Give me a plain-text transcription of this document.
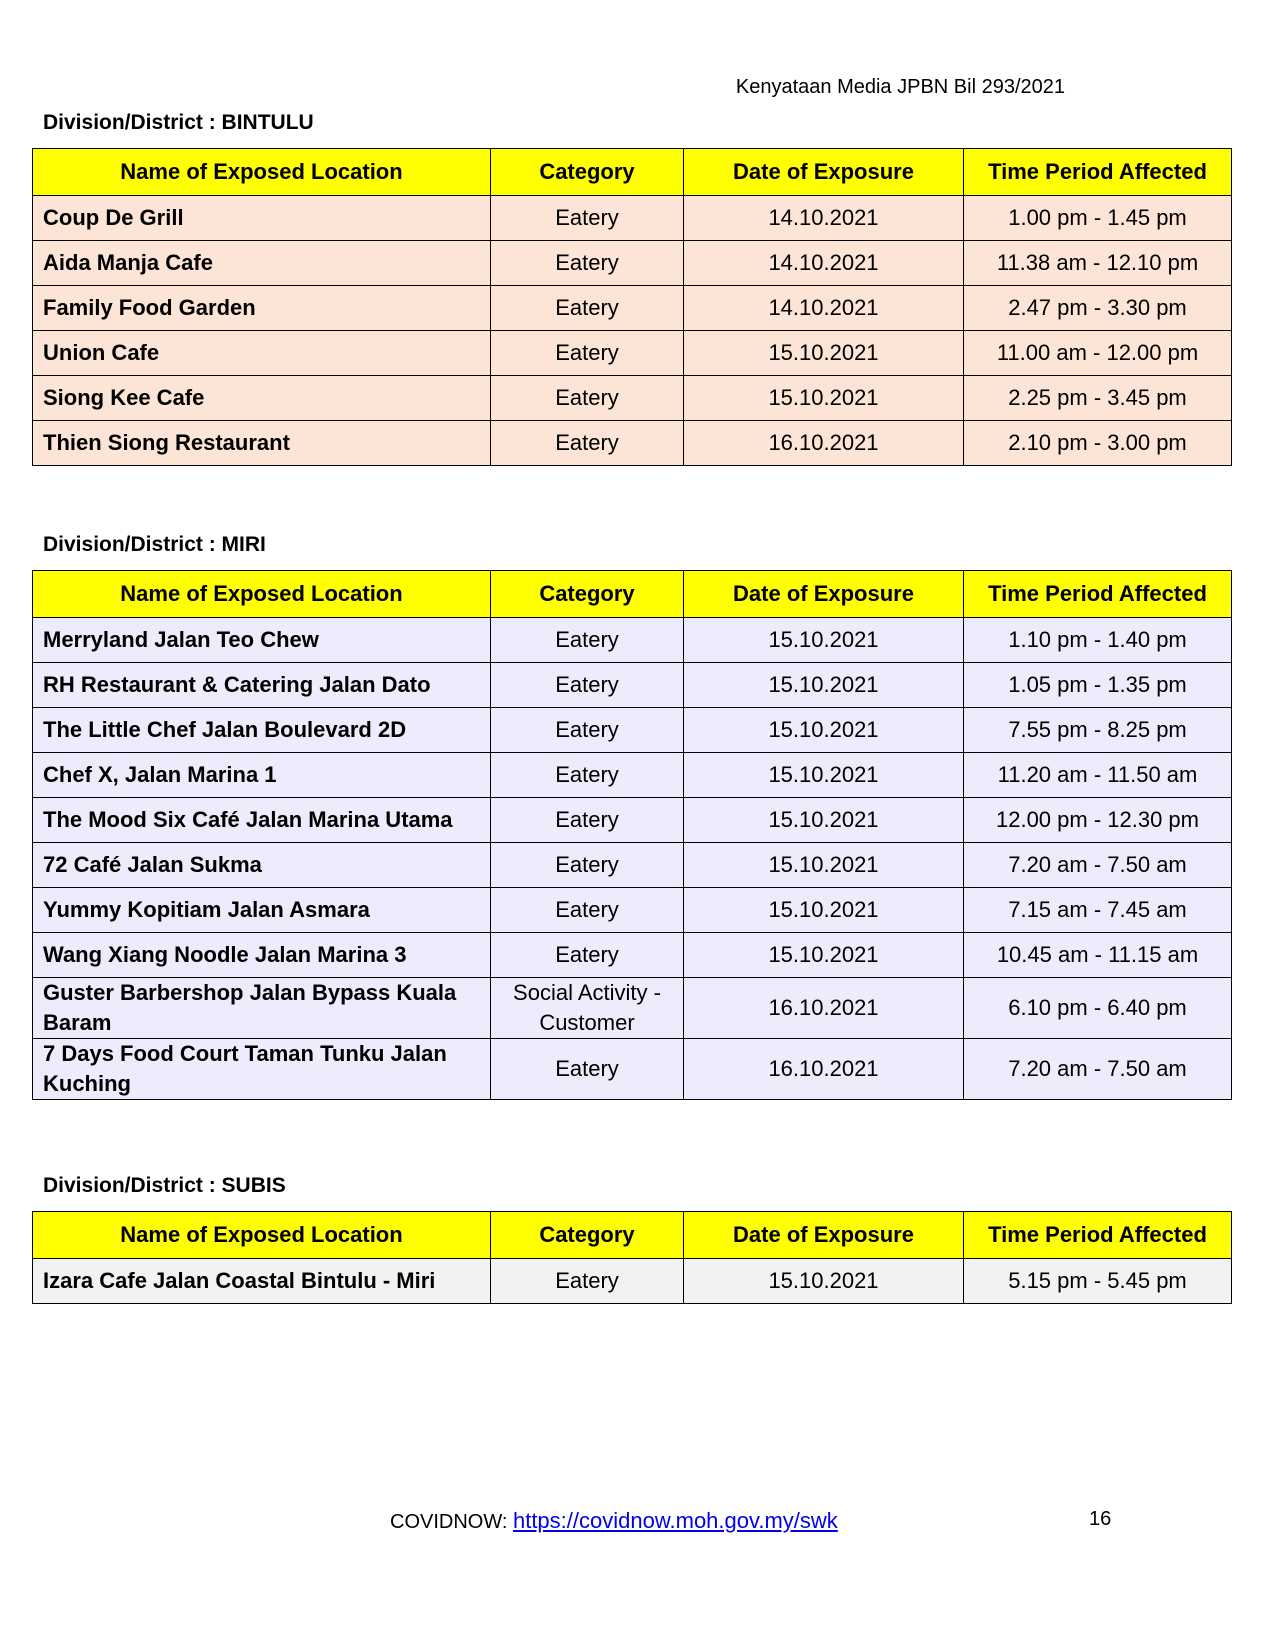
Kenyataan Media JPBN Bil 293/2021
Division/District : BINTULU
Name of Exposed Location	Category	Date of Exposure	Time Period Affected
Coup De Grill	Eatery	14.10.2021	1.00 pm - 1.45 pm
Aida Manja Cafe	Eatery	14.10.2021	11.38 am - 12.10 pm
Family Food Garden	Eatery	14.10.2021	2.47 pm - 3.30 pm
Union Cafe	Eatery	15.10.2021	11.00 am - 12.00 pm
Siong Kee Cafe	Eatery	15.10.2021	2.25 pm - 3.45 pm
Thien Siong Restaurant	Eatery	16.10.2021	2.10 pm - 3.00 pm
Division/District : MIRI
Name of Exposed Location	Category	Date of Exposure	Time Period Affected
Merryland Jalan Teo Chew	Eatery	15.10.2021	1.10 pm - 1.40 pm
RH Restaurant & Catering Jalan Dato	Eatery	15.10.2021	1.05 pm - 1.35 pm
The Little Chef Jalan Boulevard 2D	Eatery	15.10.2021	7.55 pm - 8.25 pm
Chef X, Jalan Marina 1	Eatery	15.10.2021	11.20 am - 11.50 am
The Mood Six Café Jalan Marina Utama	Eatery	15.10.2021	12.00 pm - 12.30 pm
72 Café Jalan Sukma	Eatery	15.10.2021	7.20 am - 7.50 am
Yummy Kopitiam Jalan Asmara	Eatery	15.10.2021	7.15 am - 7.45 am
Wang Xiang Noodle Jalan Marina 3	Eatery	15.10.2021	10.45 am - 11.15 am
Guster Barbershop Jalan Bypass Kuala Baram	Social Activity - Customer	16.10.2021	6.10 pm - 6.40 pm
7 Days Food Court Taman Tunku Jalan Kuching	Eatery	16.10.2021	7.20 am - 7.50 am
Division/District : SUBIS
Name of Exposed Location	Category	Date of Exposure	Time Period Affected
Izara Cafe Jalan Coastal Bintulu - Miri	Eatery	15.10.2021	5.15 pm - 5.45 pm
COVIDNOW: https://covidnow.moh.gov.my/swk	16
